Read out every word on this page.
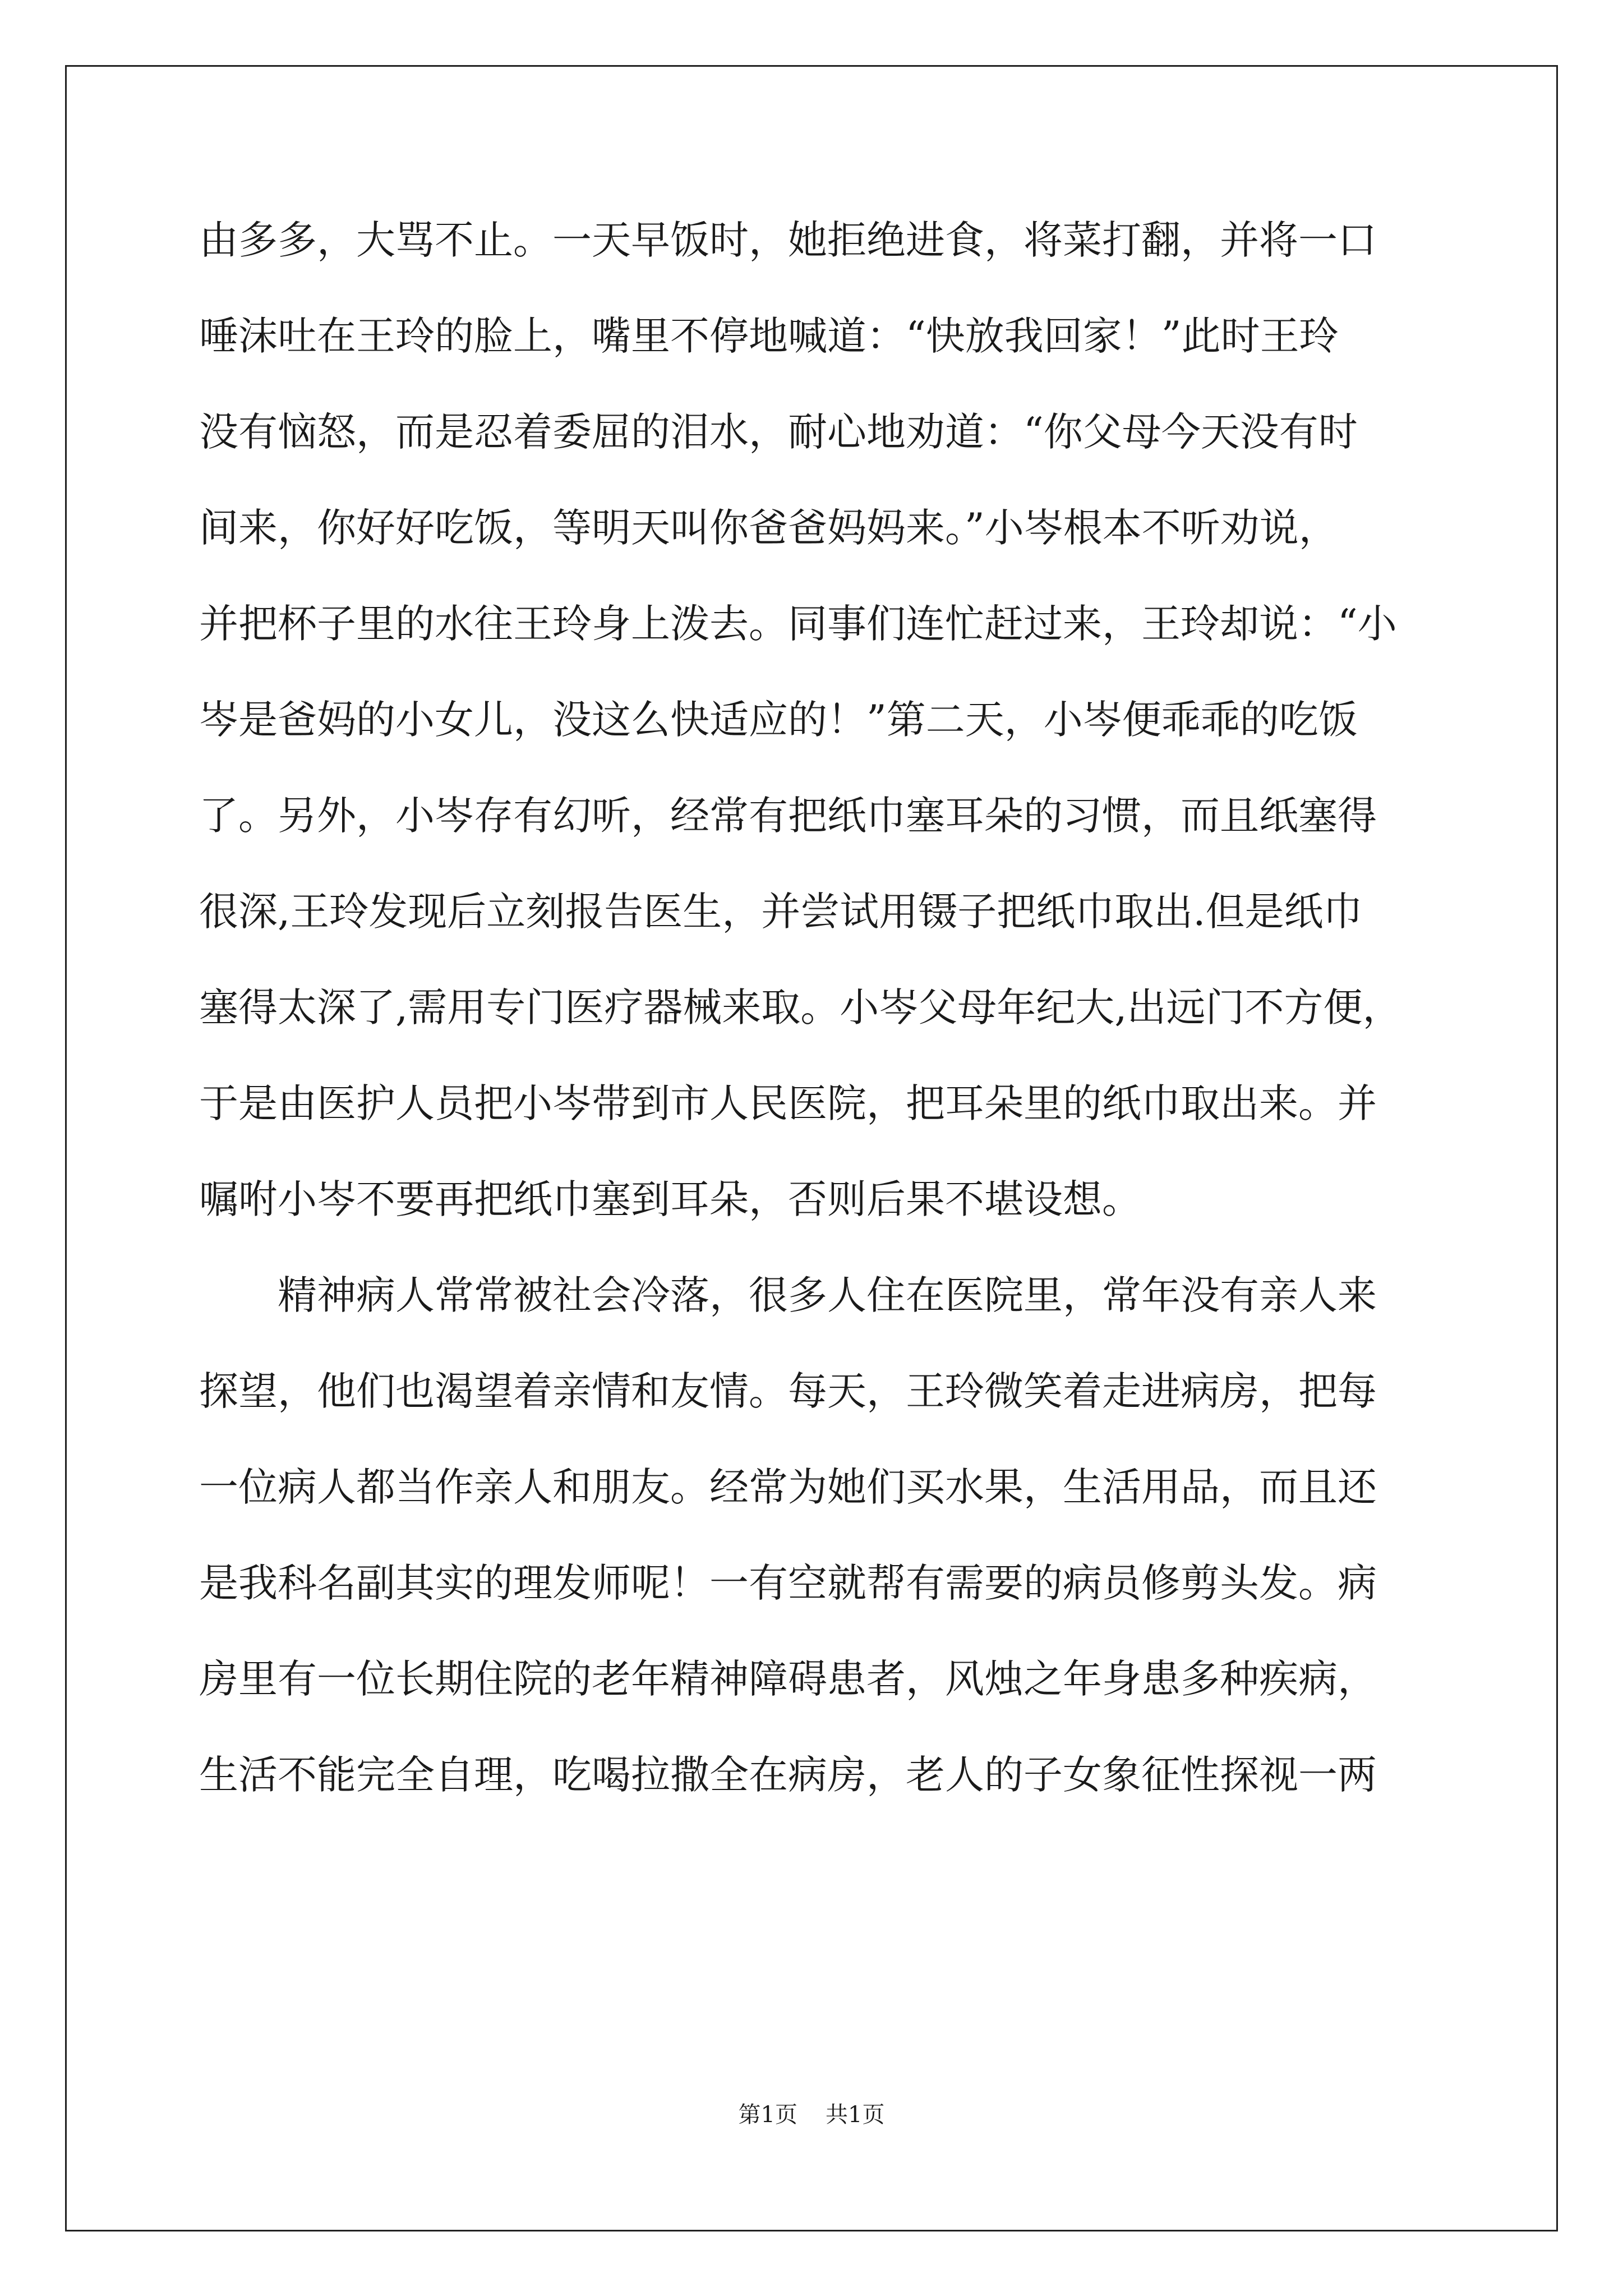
由多多，大骂不止。一天早饭时，她拒绝进食，将菜打翻，并将一口
唾沫吐在王玲的脸上，嘴里不停地喊道：“快放我回家！”此时王玲
没有恼怒，而是忍着委屈的泪水，耐心地劝道：“你父母今天没有时
间来，你好好吃饭，等明天叫你爸爸妈妈来。”小岑根本不听劝说，
并把杯子里的水往王玲身上泼去。同事们连忙赶过来，王玲却说：“小
岑是爸妈的小女儿，没这么快适应的！”第二天，小岑便乖乖的吃饭
了。另外，小岑存有幻听，经常有把纸巾塞耳朵的习惯，而且纸塞得
很深,王玲发现后立刻报告医生，并尝试用镊子把纸巾取出.但是纸巾
塞得太深了,需用专门医疗器械来取。小岑父母年纪大,出远门不方便，
于是由医护人员把小岑带到市人民医院，把耳朵里的纸巾取出来。并
嘱咐小岑不要再把纸巾塞到耳朵，否则后果不堪设想。
　　精神病人常常被社会冷落，很多人住在医院里，常年没有亲人来
探望，他们也渴望着亲情和友情。每天，王玲微笑着走进病房，把每
一位病人都当作亲人和朋友。经常为她们买水果，生活用品，而且还
是我科名副其实的理发师呢！一有空就帮有需要的病员修剪头发。病
房里有一位长期住院的老年精神障碍患者，风烛之年身患多种疾病，
生活不能完全自理，吃喝拉撒全在病房，老人的子女象征性探视一两
第1页 共1页
